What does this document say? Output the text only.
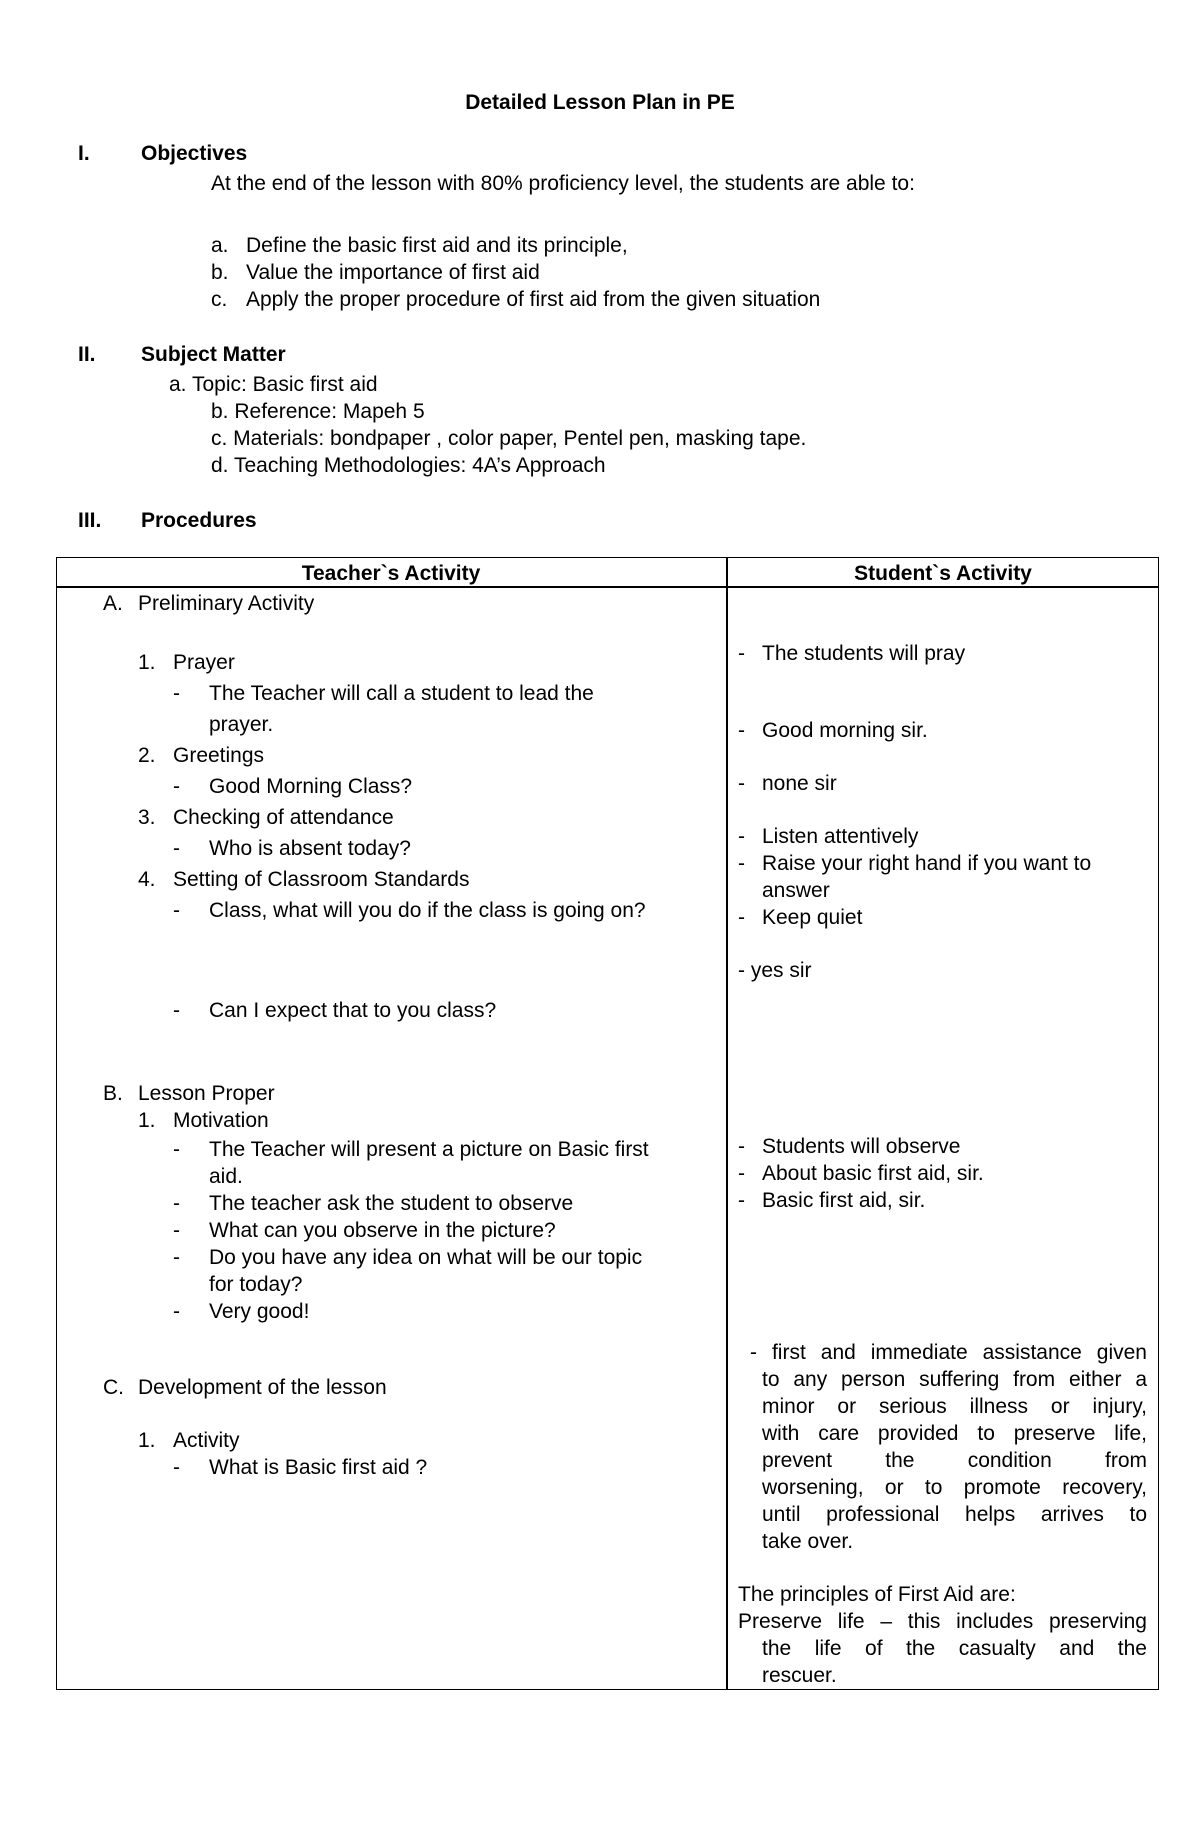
Detailed Lesson Plan in PE
I. Objectives
At the end of the lesson with 80% proficiency level, the students are able to:
a. Define the basic first aid and its principle,
b. Value the importance of first aid
c. Apply the proper procedure of first aid from the given situation
II. Subject Matter
a. Topic: Basic first aid
b. Reference: Mapeh 5
c. Materials: bondpaper , color paper, Pentel pen, masking tape.
d. Teaching Methodologies: 4A’s Approach
III. Procedures
Teacher`s Activity	Student`s Activity
A. Preliminary Activity
1. Prayer
- The Teacher will call a student to lead the
prayer.
2. Greetings
- Good Morning Class?
3. Checking of attendance
- Who is absent today?
4. Setting of Classroom Standards
- Class, what will you do if the class is going on?
- Can I expect that to you class?
B. Lesson Proper
1. Motivation
- The Teacher will present a picture on Basic first
aid.
- The teacher ask the student to observe
- What can you observe in the picture?
- Do you have any idea on what will be our topic
for today?
- Very good!
C. Development of the lesson
1. Activity
- What is Basic first aid ?
- The students will pray
- Good morning sir.
- none sir
- Listen attentively
- Raise your right hand if you want to
answer
- Keep quiet
- yes sir
- Students will observe
- About basic first aid, sir.
- Basic first aid, sir.
- first and immediate assistance given
to any person suffering from either a
minor or serious illness or injury,
with care provided to preserve life,
prevent the condition from
worsening, or to promote recovery,
until professional helps arrives to
take over.
The principles of First Aid are:
Preserve life – this includes preserving
the life of the casualty and the
rescuer.
